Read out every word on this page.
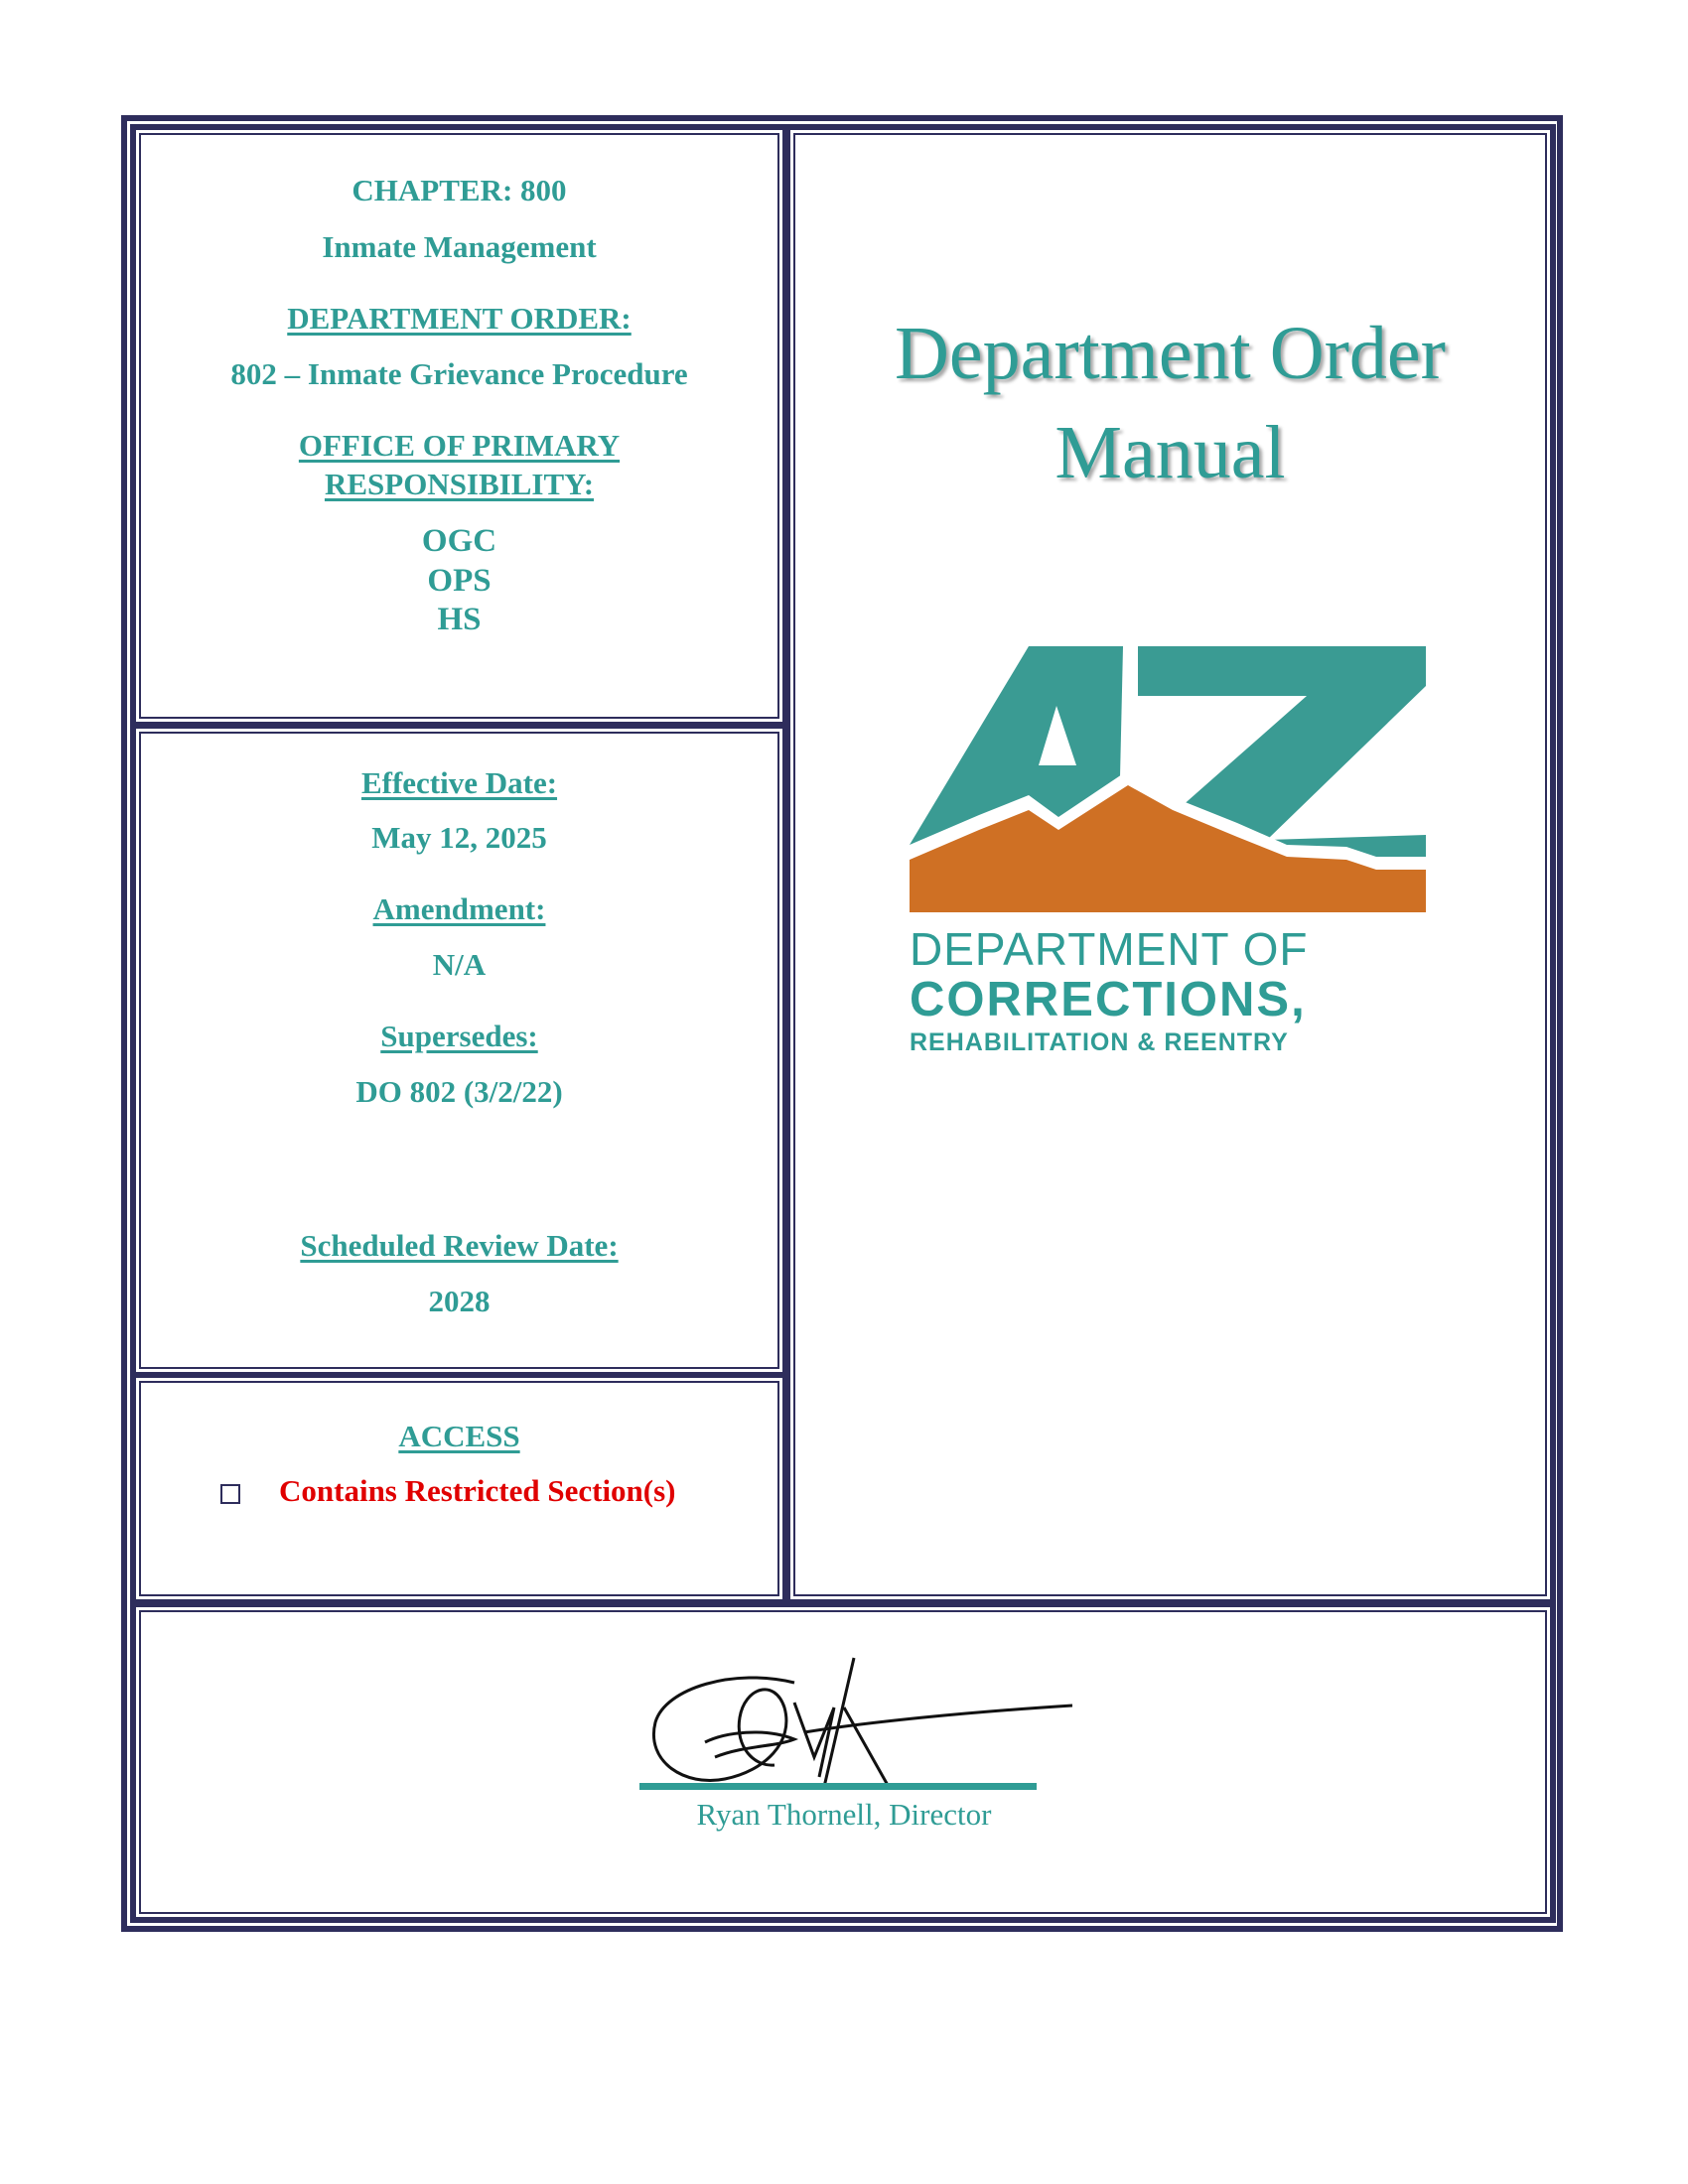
CHAPTER: 800
Inmate Management
DEPARTMENT ORDER:
802 – Inmate Grievance Procedure
OFFICE OF PRIMARY
RESPONSIBILITY:
OGC
OPS
HS
Effective Date:
May 12, 2025
Amendment:
N/A
Supersedes:
DO 802 (3/2/22)
Scheduled Review Date:
2028
ACCESS
Contains Restricted Section(s)
Department Order
Manual
DEPARTMENT OF
CORRECTIONS,
REHABILITATION & REENTRY
Ryan Thornell, Director
